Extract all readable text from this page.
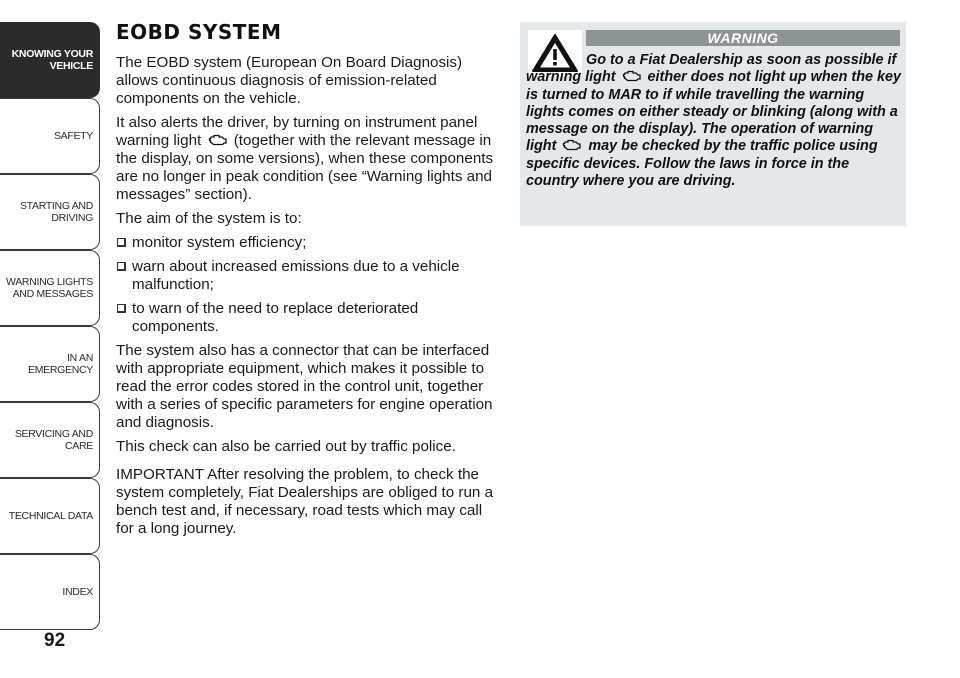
KNOWING YOUR
VEHICLE
SAFETY
STARTING AND
DRIVING
WARNING LIGHTS
AND MESSAGES
IN AN EMERGENCY
SERVICING AND
CARE
TECHNICAL DATA
INDEX
92
EOBD SYSTEM

The EOBD system (European On Board Diagnosis) allows continuous diagnosis of emission-related components on the vehicle.

It also alerts the driver, by turning on instrument panel warning light (together with the relevant message in the display, on some versions), when these components are no longer in peak condition (see “Warning lights and messages” section).

The aim of the system is to:

monitor system efficiency;
warn about increased emissions due to a vehicle malfunction;
to warn of the need to replace deteriorated components.

The system also has a connector that can be interfaced with appropriate equipment, which makes it possible to read the error codes stored in the control unit, together with a series of specific parameters for engine operation and diagnosis.

This check can also be carried out by traffic police.

IMPORTANT After resolving the problem, to check the system completely, Fiat Dealerships are obliged to run a bench test and, if necessary, road tests which may call for a long journey.

WARNING

Go to a Fiat Dealership as soon as possible if warning light either does not light up when the key is turned to MAR to if while travelling the warning lights comes on either steady or blinking (along with a message on the display). The operation of warning light may be checked by the traffic police using specific devices. Follow the laws in force in the country where you are driving.
